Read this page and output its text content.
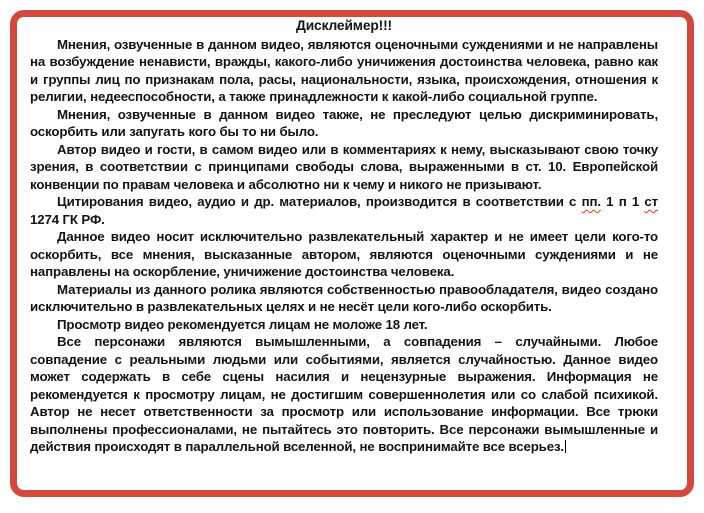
Дисклеймер!!!

Мнения, озвученные в данном видео, являются оценочными суждениями и не направлены на возбуждение ненависти, вражды, какого-либо уничижения достоинства человека, равно как и группы лиц по признакам пола, расы, национальности, языка, происхождения, отношения к религии, недееспособности, а также принадлежности к какой-либо социальной группе.

Мнения, озвученные в данном видео также, не преследуют целью дискриминировать, оскорбить или запугать кого бы то ни было.

Автор видео и гости, в самом видео или в комментариях к нему, высказывают свою точку зрения, в соответствии с принципами свободы слова, выраженными в ст. 10. Европейской конвенции по правам человека и абсолютно ни к чему и никого не призывают.

Цитирования видео, аудио и др. материалов, производится в соответствии с пп. 1 п 1 ст 1274 ГК РФ.

Данное видео носит исключительно развлекательный характер и не имеет цели кого-то оскорбить, все мнения, высказанные автором, являются оценочными суждениями и не направлены на оскорбление, уничижение достоинства человека.

Материалы из данного ролика являются собственностью правообладателя, видео создано исключительно в развлекательных целях и не несёт цели кого-либо оскорбить.

Просмотр видео рекомендуется лицам не моложе 18 лет.

Все персонажи являются вымышленными, а совпадения – случайными. Любое совпадение с реальными людьми или событиями, является случайностью. Данное видео может содержать в себе сцены насилия и нецензурные выражения. Информация не рекомендуется к просмотру лицам, не достигшим совершеннолетия или со слабой психикой. Автор не несет ответственности за просмотр или использование информации. Все трюки выполнены профессионалами, не пытайтесь это повторить. Все персонажи вымышленные и действия происходят в параллельной вселенной, не воспринимайте все всерьез.
